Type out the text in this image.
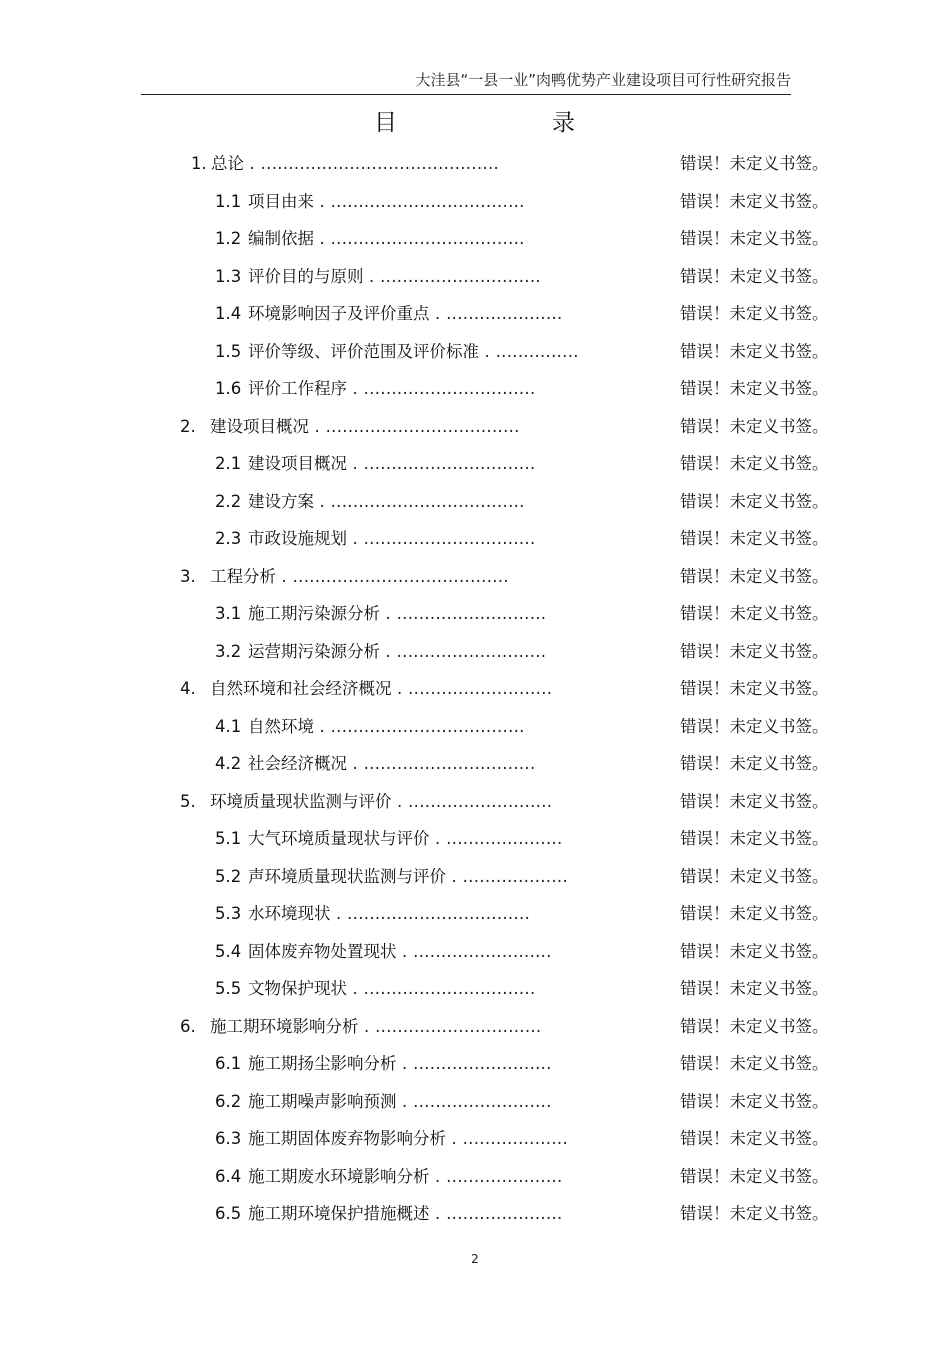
大洼县“一县一业”肉鸭优势产业建设项目可行性研究报告
目	录
1. 总论 . ...........................................	错误！未定义书签。
1.1 项目由来 . ...................................	错误！未定义书签。
1.2 编制依据 . ...................................	错误！未定义书签。
1.3 评价目的与原则 . .............................	错误！未定义书签。
1.4 环境影响因子及评价重点 . .....................	错误！未定义书签。
1.5 评价等级、评价范围及评价标准 . ...............	错误！未定义书签。
1.6 评价工作程序 . ...............................	错误！未定义书签。
2. 建设项目概况 . ...................................	错误！未定义书签。
2.1 建设项目概况 . ...............................	错误！未定义书签。
2.2 建设方案 . ...................................	错误！未定义书签。
2.3 市政设施规划 . ...............................	错误！未定义书签。
3. 工程分析 . .......................................	错误！未定义书签。
3.1 施工期污染源分析 . ...........................	错误！未定义书签。
3.2 运营期污染源分析 . ...........................	错误！未定义书签。
4. 自然环境和社会经济概况 . ..........................	错误！未定义书签。
4.1 自然环境 . ...................................	错误！未定义书签。
4.2 社会经济概况 . ...............................	错误！未定义书签。
5. 环境质量现状监测与评价 . ..........................	错误！未定义书签。
5.1 大气环境质量现状与评价 . .....................	错误！未定义书签。
5.2 声环境质量现状监测与评价 . ...................	错误！未定义书签。
5.3 水环境现状 . .................................	错误！未定义书签。
5.4 固体废弃物处置现状 . .........................	错误！未定义书签。
5.5 文物保护现状 . ...............................	错误！未定义书签。
6. 施工期环境影响分析 . ..............................	错误！未定义书签。
6.1 施工期扬尘影响分析 . .........................	错误！未定义书签。
6.2 施工期噪声影响预测 . .........................	错误！未定义书签。
6.3 施工期固体废弃物影响分析 . ...................	错误！未定义书签。
6.4 施工期废水环境影响分析 . .....................	错误！未定义书签。
6.5 施工期环境保护措施概述 . .....................	错误！未定义书签。
2
